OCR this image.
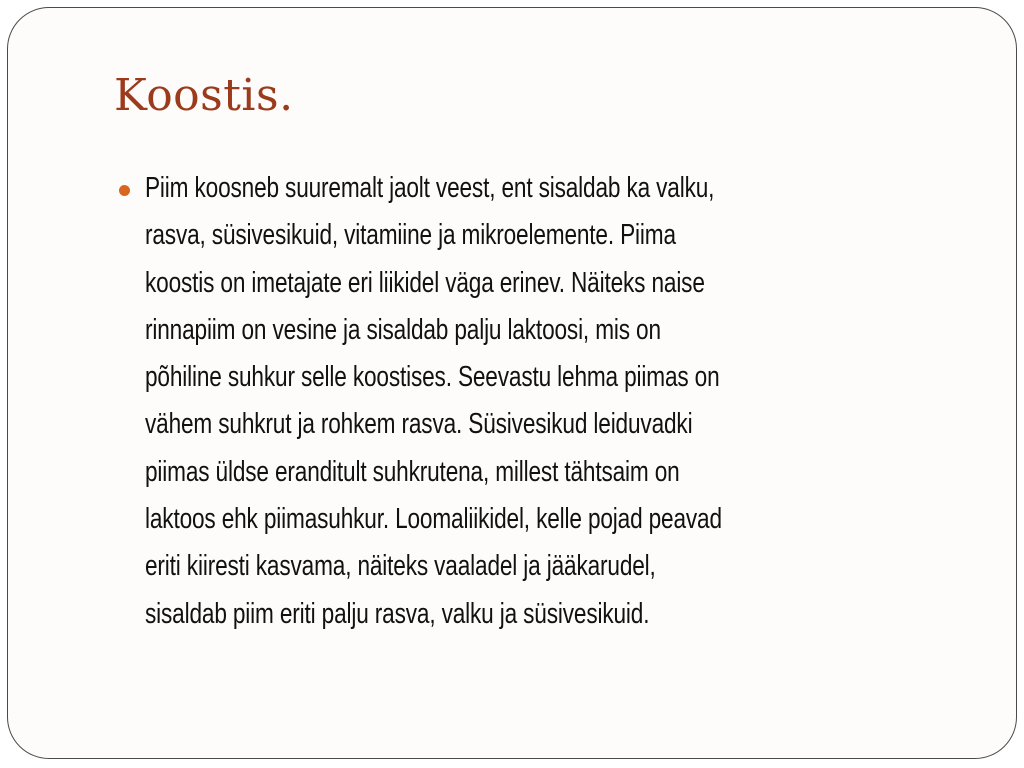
Koostis.
Piim koosneb suuremalt jaolt veest, ent sisaldab ka valku,
rasva, süsivesikuid, vitamiine ja mikroelemente. Piima
koostis on imetajate eri liikidel väga erinev. Näiteks naise
rinnapiim on vesine ja sisaldab palju laktoosi, mis on
põhiline suhkur selle koostises. Seevastu lehma piimas on
vähem suhkrut ja rohkem rasva. Süsivesikud leiduvadki
piimas üldse eranditult suhkrutena, millest tähtsaim on
laktoos ehk piimasuhkur. Loomaliikidel, kelle pojad peavad
eriti kiiresti kasvama, näiteks vaaladel ja jääkarudel,
sisaldab piim eriti palju rasva, valku ja süsivesikuid.
